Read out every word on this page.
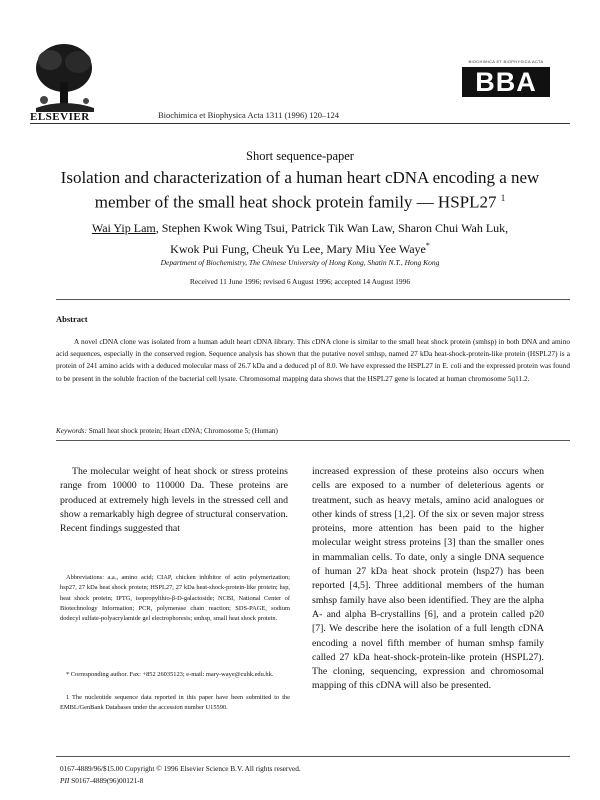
ELSEVIER	Biochimica et Biophysica Acta 1311 (1996) 120–124
BIOCHIMICA ET BIOPHYSICA ACTA
BBA
Short sequence-paper
Isolation and characterization of a human heart cDNA encoding a new member of the small heat shock protein family — HSPL27 $^1$
Wai Yip Lam, Stephen Kwok Wing Tsui, Patrick Tik Wan Law, Sharon Chui Wah Luk,
Kwok Pui Fung, Cheuk Yu Lee, Mary Miu Yee Waye*
Department of Biochemistry, The Chinese University of Hong Kong, Shatin N.T., Hong Kong
Received 11 June 1996; revised 6 August 1996; accepted 14 August 1996
Abstract
A novel cDNA clone was isolated from a human adult heart cDNA library. This cDNA clone is similar to the small heat shock protein (smhsp) in both DNA and amino acid sequences, especially in the conserved region. Sequence analysis has shown that the putative novel smhsp, named 27 kDa heat-shock-protein-like protein (HSPL27) is a protein of 241 amino acids with a deduced molecular mass of 26.7 kDa and a deduced pI of 8.0. We have expressed the HSPL27 in E. coli and the expressed protein was found to be present in the soluble fraction of the bacterial cell lysate. Chromosomal mapping data shows that the HSPL27 gene is located at human chromosome 5q11.2.
Keywords: Small heat shock protein; Heart cDNA; Chromosome 5; (Human)
The molecular weight of heat shock or stress proteins range from 10000 to 110000 Da. These proteins are produced at extremely high levels in the stressed cell and show a remarkably high degree of structural conservation. Recent findings suggested that
increased expression of these proteins also occurs when cells are exposed to a number of deleterious agents or treatment, such as heavy metals, amino acid analogues or other kinds of stress [1,2]. Of the six or seven major stress proteins, more attention has been paid to the higher molecular weight stress proteins [3] than the smaller ones in mammalian cells. To date, only a single DNA sequence of human 27 kDa heat shock protein (hsp27) has been reported [4,5]. Three additional members of the human smhsp family have also been identified. They are the alpha A- and alpha B-crystallins [6], and a protein called p20 [7]. We describe here the isolation of a full length cDNA encoding a novel fifth member of human smhsp family called 27 kDa heat-shock-protein-like protein (HSPL27). The cloning, sequencing, expression and chromosomal mapping of this cDNA will also be presented.
Abbreviations: a.a., amino acid; CIAP, chicken inhibitor of actin polymerization; hsp27, 27 kDa heat shock protein; HSPL27, 27 kDa heat-shock-protein-like protein; hsp, heat shock protein; IPTG, isopropylthio-β-D-galactoside; NCBI, National Center of Biotechnology Information; PCR, polymerase chain reaction; SDS-PAGE, sodium dodecyl sulfate-polyacrylamide gel electrophoresis; smhsp, small heat shock protein.
* Corresponding author. Fax: +852 26035123; e-mail: mary-waye@cuhk.edu.hk.
1 The nucleotide sequence data reported in this paper have been submitted to the EMBL/GenBank Databases under the accession number U15590.
0167-4889/96/$15.00 Copyright © 1996 Elsevier Science B.V. All rights reserved.
PII S0167-4889(96)00121-8
